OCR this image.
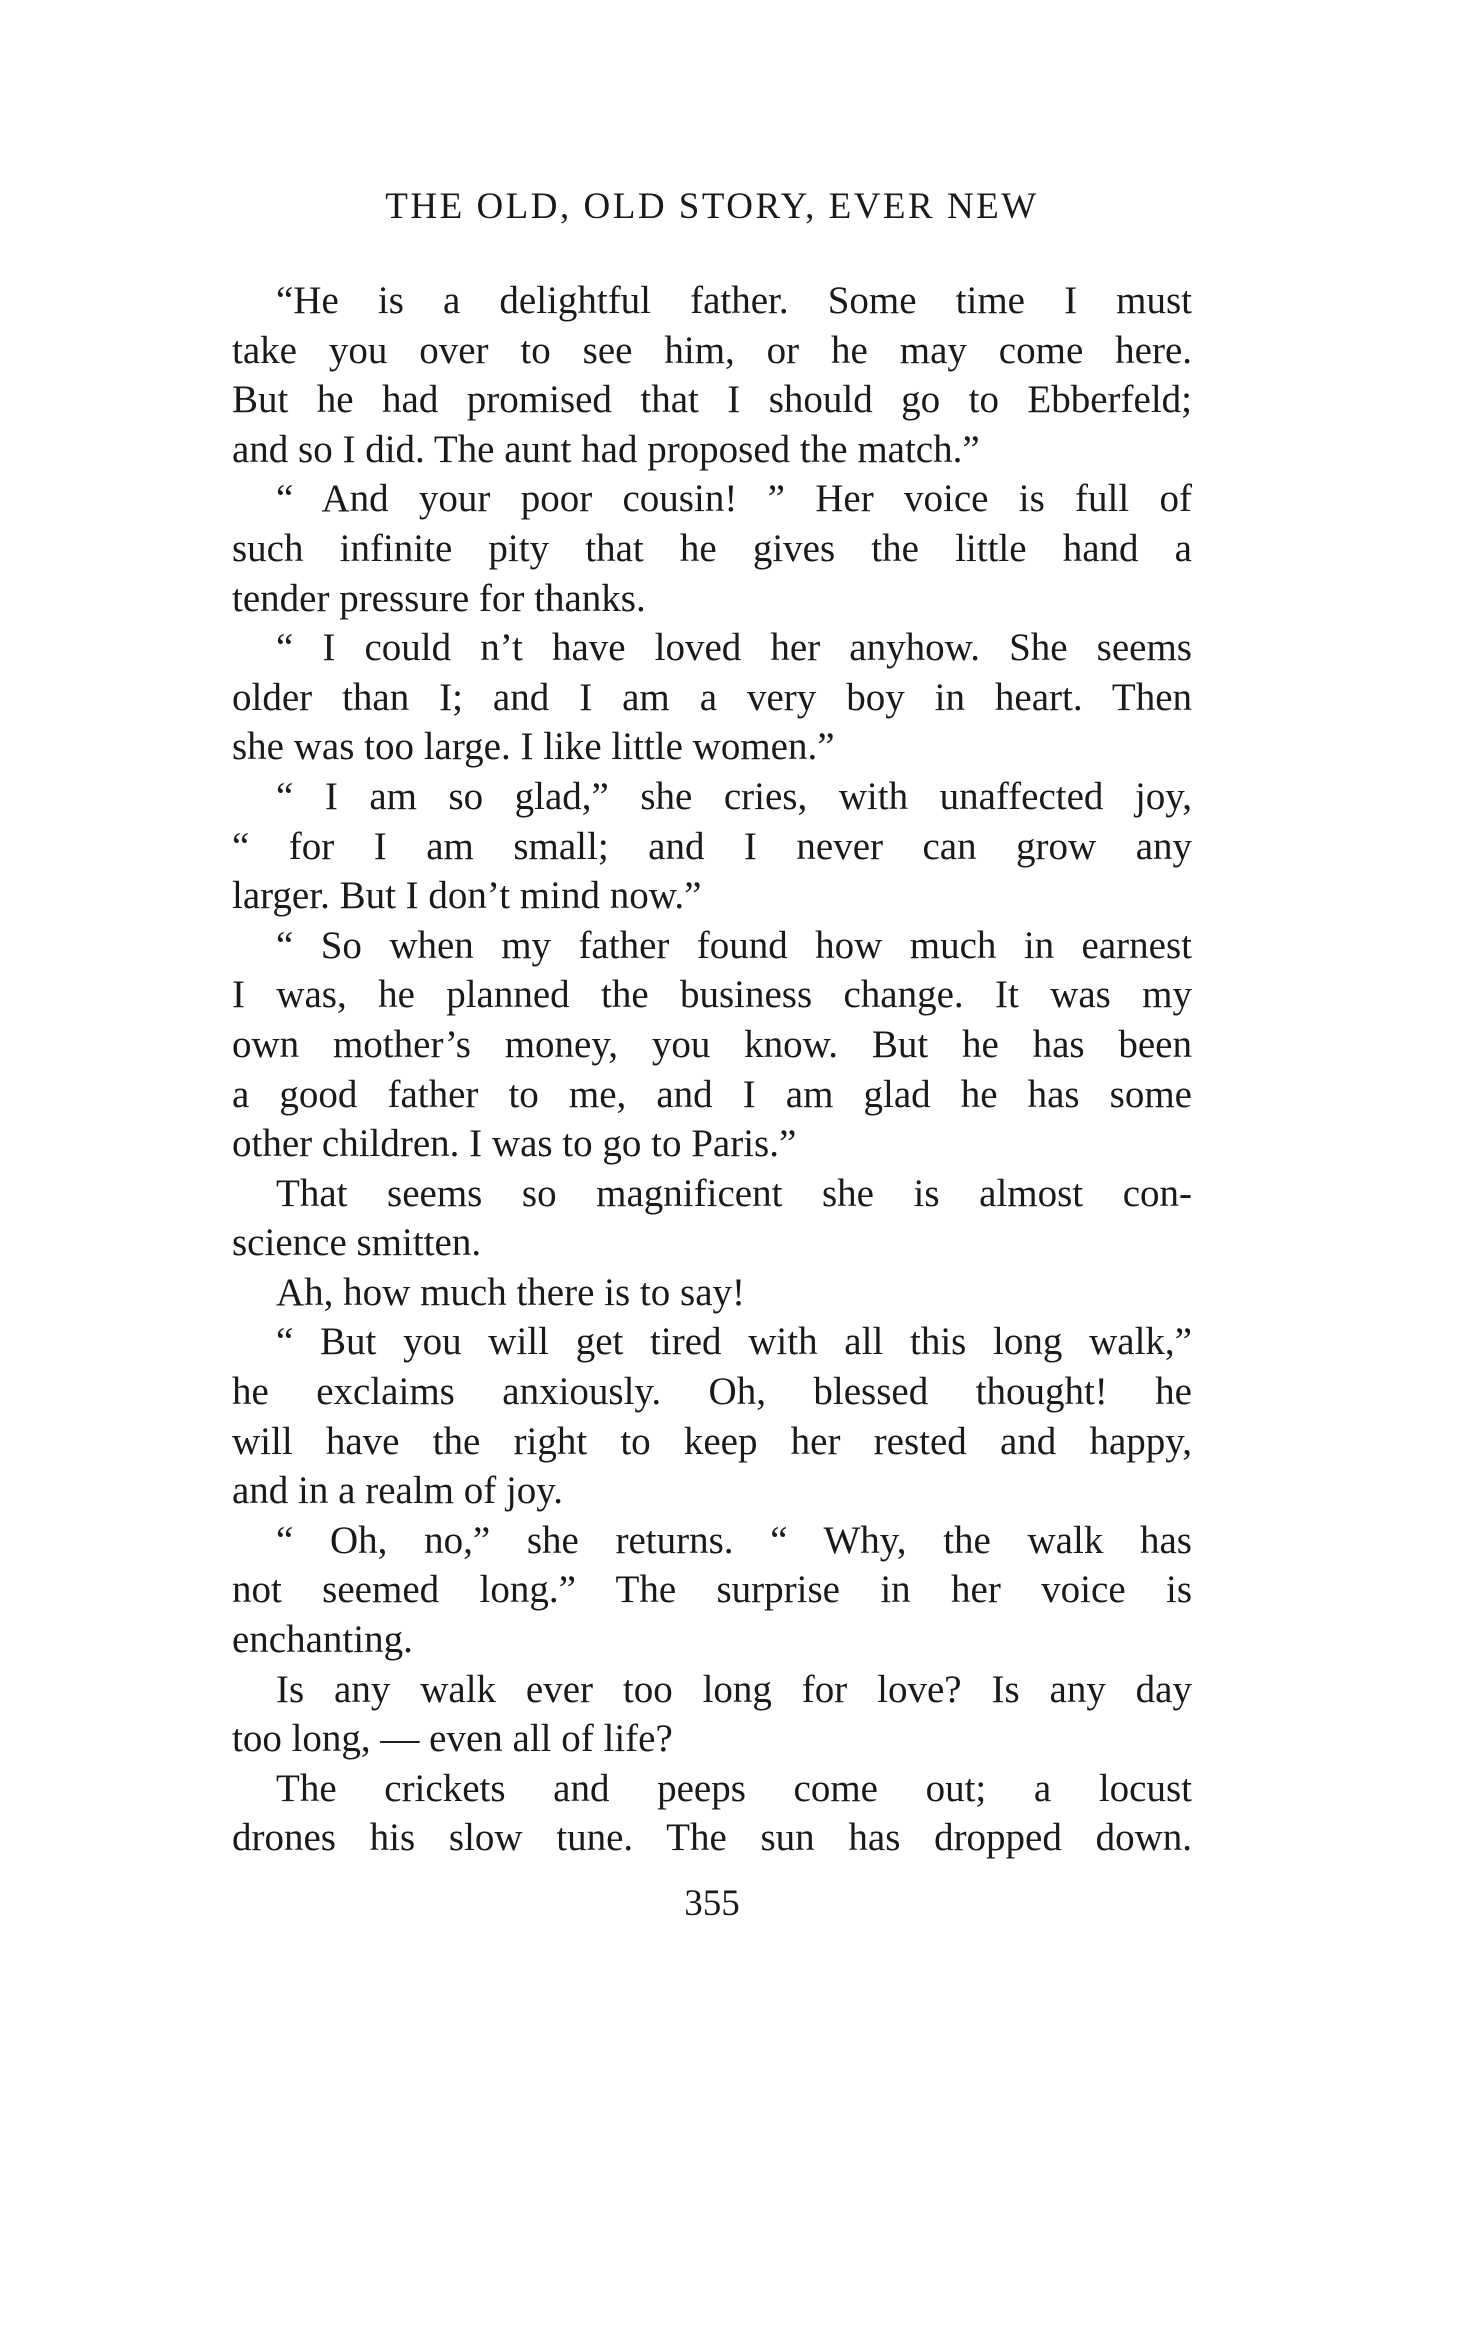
THE OLD, OLD STORY, EVER NEW
“He is a delightful father. Some time I must
take you over to see him, or he may come here.
But he had promised that I should go to Ebberfeld;
and so I did. The aunt had proposed the match.”
“ And your poor cousin! ” Her voice is full of
such infinite pity that he gives the little hand a
tender pressure for thanks.
“ I could n’t have loved her anyhow. She seems
older than I; and I am a very boy in heart. Then
she was too large. I like little women.”
“ I am so glad,” she cries, with unaffected joy,
“ for I am small; and I never can grow any
larger. But I don’t mind now.”
“ So when my father found how much in earnest
I was, he planned the business change. It was my
own mother’s money, you know. But he has been
a good father to me, and I am glad he has some
other children. I was to go to Paris.”
That seems so magnificent she is almost con-
science smitten.
Ah, how much there is to say!
“ But you will get tired with all this long walk,”
he exclaims anxiously. Oh, blessed thought! he
will have the right to keep her rested and happy,
and in a realm of joy.
“ Oh, no,” she returns. “ Why, the walk has
not seemed long.” The surprise in her voice is
enchanting.
Is any walk ever too long for love? Is any day
too long, — even all of life?
The crickets and peeps come out; a locust
drones his slow tune. The sun has dropped down.
355
